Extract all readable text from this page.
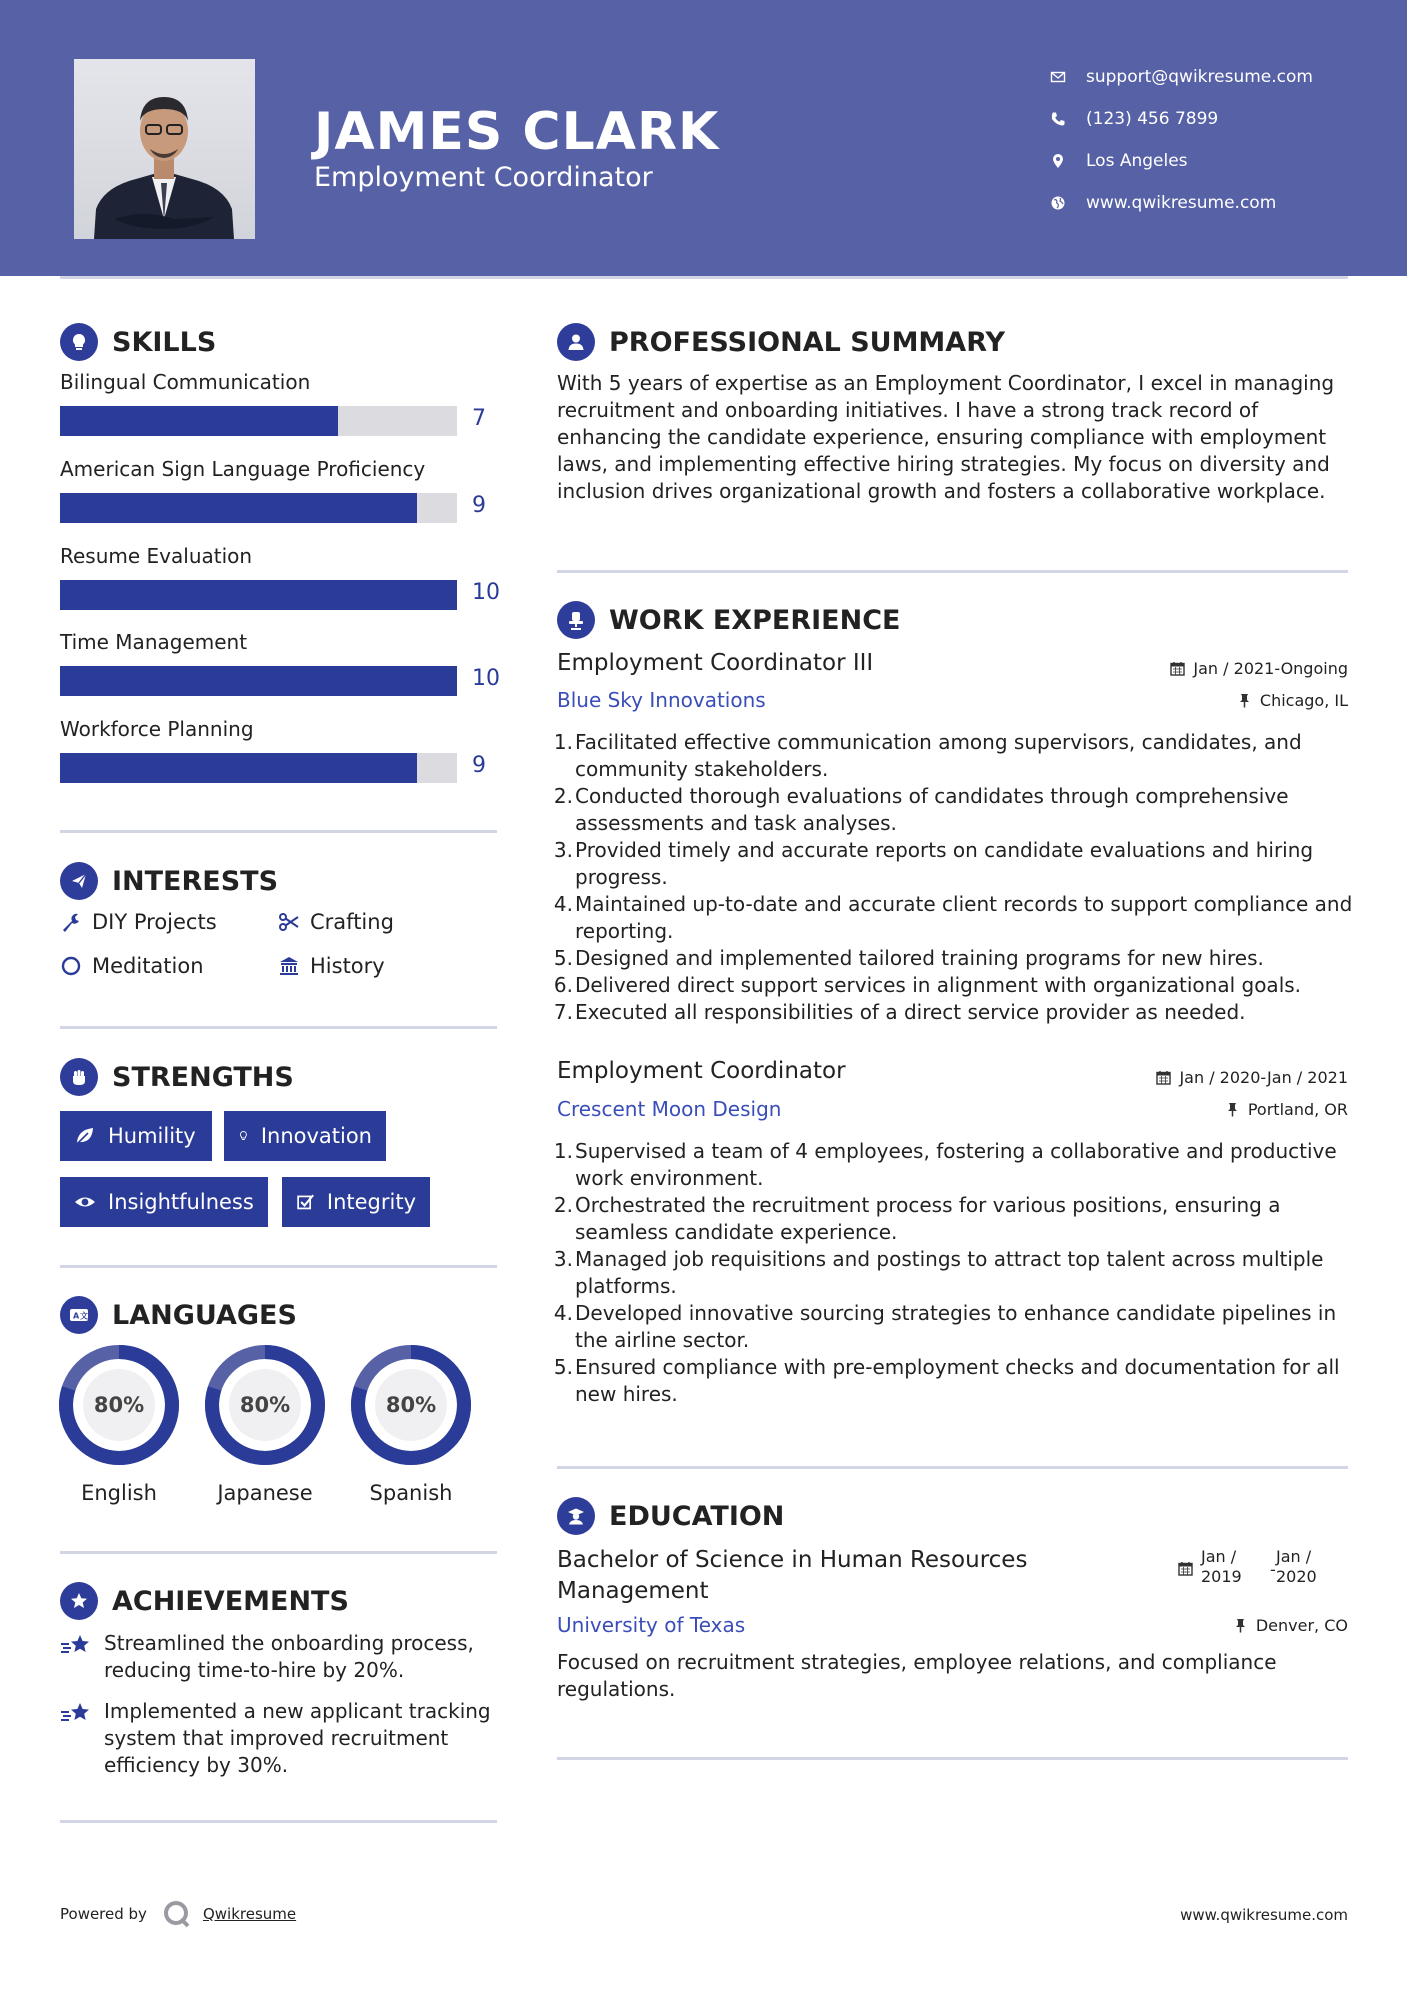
JAMES CLARK
Employment Coordinator
support@qwikresume.com
(123) 456 7899
Los Angeles
www.qwikresume.com
SKILLS
Bilingual Communication
7
American Sign Language Proficiency
9
Resume Evaluation
10
Time Management
10
Workforce Planning
9
INTERESTS
DIY Projects	Crafting
Meditation	History
STRENGTHS
Humility	Innovation
Insightfulness	Integrity
A 文 LANGUAGES
80%
English
80%
Japanese
80%
Spanish
ACHIEVEMENTS
Streamlined the onboarding process, reducing time-to-hire by 20%.
Implemented a new applicant tracking system that improved recruitment efficiency by 30%.
PROFESSIONAL SUMMARY
With 5 years of expertise as an Employment Coordinator, I excel in managing recruitment and onboarding initiatives. I have a strong track record of enhancing the candidate experience, ensuring compliance with employment laws, and implementing effective hiring strategies. My focus on diversity and inclusion drives organizational growth and fosters a collaborative workplace.
WORK EXPERIENCE
Employment Coordinator III	Jan / 2021-Ongoing
Blue Sky Innovations	Chicago, IL
1. Facilitated effective communication among supervisors, candidates, and community stakeholders.
2. Conducted thorough evaluations of candidates through comprehensive assessments and task analyses.
3. Provided timely and accurate reports on candidate evaluations and hiring progress.
4. Maintained up-to-date and accurate client records to support compliance and reporting.
5. Designed and implemented tailored training programs for new hires.
6. Delivered direct support services in alignment with organizational goals.
7. Executed all responsibilities of a direct service provider as needed.
Employment Coordinator	Jan / 2020-Jan / 2021
Crescent Moon Design	Portland, OR
1. Supervised a team of 4 employees, fostering a collaborative and productive work environment.
2. Orchestrated the recruitment process for various positions, ensuring a seamless candidate experience.
3. Managed job requisitions and postings to attract top talent across multiple platforms.
4. Developed innovative sourcing strategies to enhance candidate pipelines in the airline sector.
5. Ensured compliance with pre-employment checks and documentation for all new hires.
EDUCATION
Bachelor of Science in Human Resources
Management
Jan /
2019 -
Jan /
2020
University of Texas	Denver, CO
Focused on recruitment strategies, employee relations, and compliance regulations.
Powered by	Qwikresume	www.qwikresume.com
